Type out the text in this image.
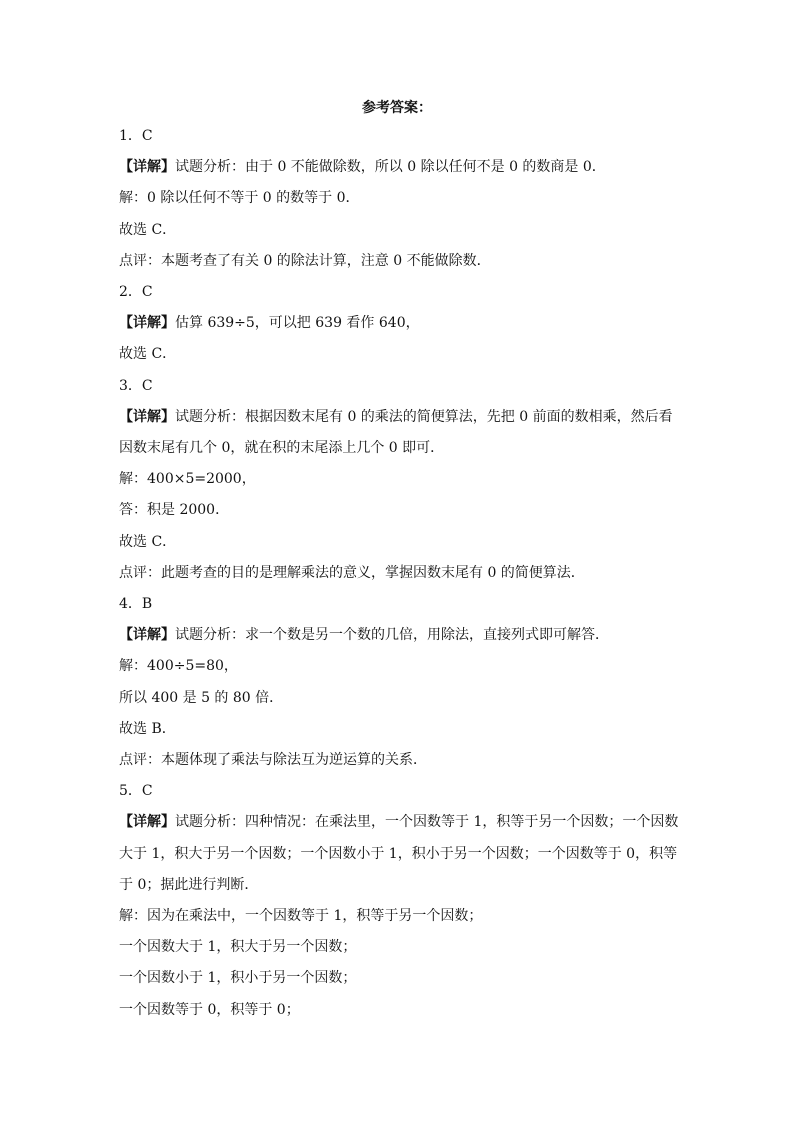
参考答案：
1．C
【详解】试题分析：由于 0 不能做除数，所以 0 除以任何不是 0 的数商是 0．
解：0 除以任何不等于 0 的数等于 0．
故选 C．
点评：本题考查了有关 0 的除法计算，注意 0 不能做除数．
2．C
【详解】估算 639÷5，可以把 639 看作 640，
故选 C．
3．C
【详解】试题分析：根据因数末尾有 0 的乘法的简便算法，先把 0 前面的数相乘，然后看因数末尾有几个 0，就在积的末尾添上几个 0 即可．
解：400×5=2000，
答：积是 2000．
故选 C．
点评：此题考查的目的是理解乘法的意义，掌握因数末尾有 0 的简便算法．
4．B
【详解】试题分析：求一个数是另一个数的几倍，用除法，直接列式即可解答．
解：400÷5=80，
所以 400 是 5 的 80 倍．
故选 B．
点评：本题体现了乘法与除法互为逆运算的关系．
5．C
【详解】试题分析：四种情况：在乘法里，一个因数等于 1，积等于另一个因数；一个因数大于 1，积大于另一个因数；一个因数小于 1，积小于另一个因数；一个因数等于 0，积等于 0；据此进行判断．
解：因为在乘法中，一个因数等于 1，积等于另一个因数；
一个因数大于 1，积大于另一个因数；
一个因数小于 1，积小于另一个因数；
一个因数等于 0，积等于 0；
